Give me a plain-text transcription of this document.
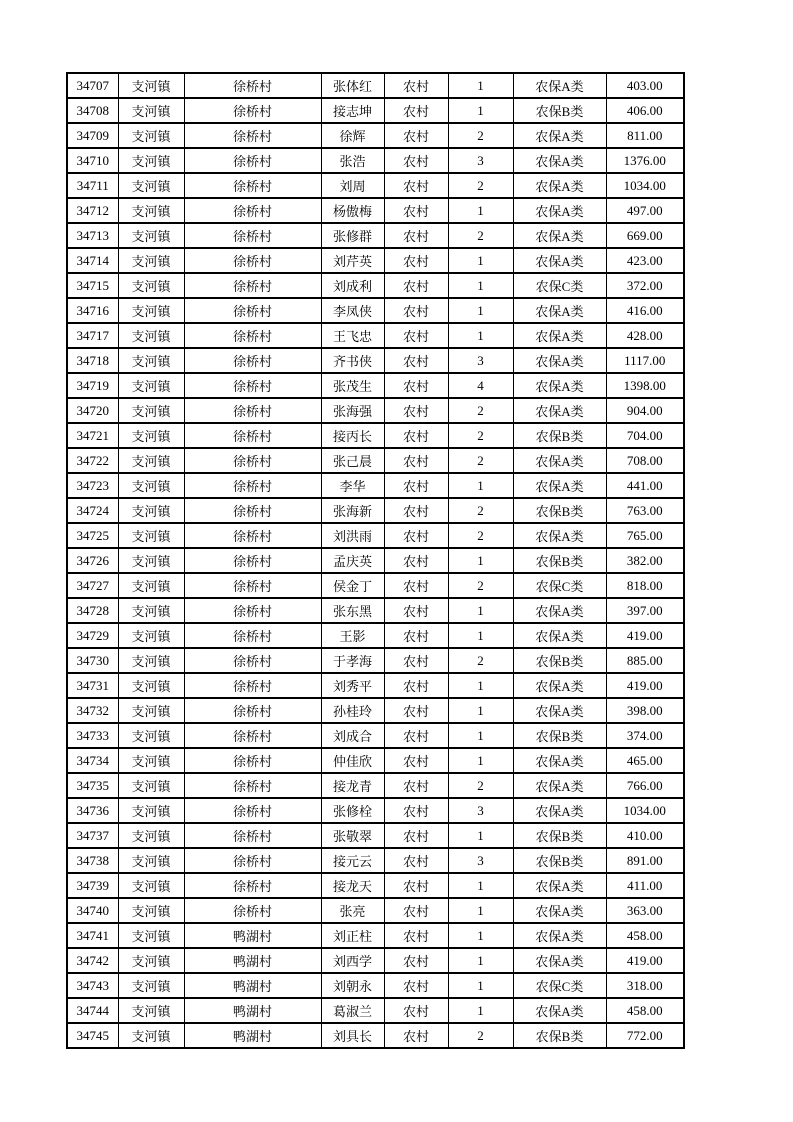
34707	支河镇	徐桥村	张体红	农村	1	农保A类	403.00
34708	支河镇	徐桥村	接志坤	农村	1	农保B类	406.00
34709	支河镇	徐桥村	徐辉	农村	2	农保A类	811.00
34710	支河镇	徐桥村	张浩	农村	3	农保A类	1376.00
34711	支河镇	徐桥村	刘周	农村	2	农保A类	1034.00
34712	支河镇	徐桥村	杨傲梅	农村	1	农保A类	497.00
34713	支河镇	徐桥村	张修群	农村	2	农保A类	669.00
34714	支河镇	徐桥村	刘芹英	农村	1	农保A类	423.00
34715	支河镇	徐桥村	刘成利	农村	1	农保C类	372.00
34716	支河镇	徐桥村	李凤侠	农村	1	农保A类	416.00
34717	支河镇	徐桥村	王飞忠	农村	1	农保A类	428.00
34718	支河镇	徐桥村	齐书侠	农村	3	农保A类	1117.00
34719	支河镇	徐桥村	张茂生	农村	4	农保A类	1398.00
34720	支河镇	徐桥村	张海强	农村	2	农保A类	904.00
34721	支河镇	徐桥村	接丙长	农村	2	农保B类	704.00
34722	支河镇	徐桥村	张己晨	农村	2	农保A类	708.00
34723	支河镇	徐桥村	李华	农村	1	农保A类	441.00
34724	支河镇	徐桥村	张海新	农村	2	农保B类	763.00
34725	支河镇	徐桥村	刘洪雨	农村	2	农保A类	765.00
34726	支河镇	徐桥村	孟庆英	农村	1	农保B类	382.00
34727	支河镇	徐桥村	侯金丁	农村	2	农保C类	818.00
34728	支河镇	徐桥村	张东黑	农村	1	农保A类	397.00
34729	支河镇	徐桥村	王影	农村	1	农保A类	419.00
34730	支河镇	徐桥村	于孝海	农村	2	农保B类	885.00
34731	支河镇	徐桥村	刘秀平	农村	1	农保A类	419.00
34732	支河镇	徐桥村	孙桂玲	农村	1	农保A类	398.00
34733	支河镇	徐桥村	刘成合	农村	1	农保B类	374.00
34734	支河镇	徐桥村	仲佳欣	农村	1	农保A类	465.00
34735	支河镇	徐桥村	接龙青	农村	2	农保A类	766.00
34736	支河镇	徐桥村	张修栓	农村	3	农保A类	1034.00
34737	支河镇	徐桥村	张敬翠	农村	1	农保B类	410.00
34738	支河镇	徐桥村	接元云	农村	3	农保B类	891.00
34739	支河镇	徐桥村	接龙天	农村	1	农保A类	411.00
34740	支河镇	徐桥村	张亮	农村	1	农保A类	363.00
34741	支河镇	鸭湖村	刘正柱	农村	1	农保A类	458.00
34742	支河镇	鸭湖村	刘西学	农村	1	农保A类	419.00
34743	支河镇	鸭湖村	刘朝永	农村	1	农保C类	318.00
34744	支河镇	鸭湖村	葛淑兰	农村	1	农保A类	458.00
34745	支河镇	鸭湖村	刘具长	农村	2	农保B类	772.00
